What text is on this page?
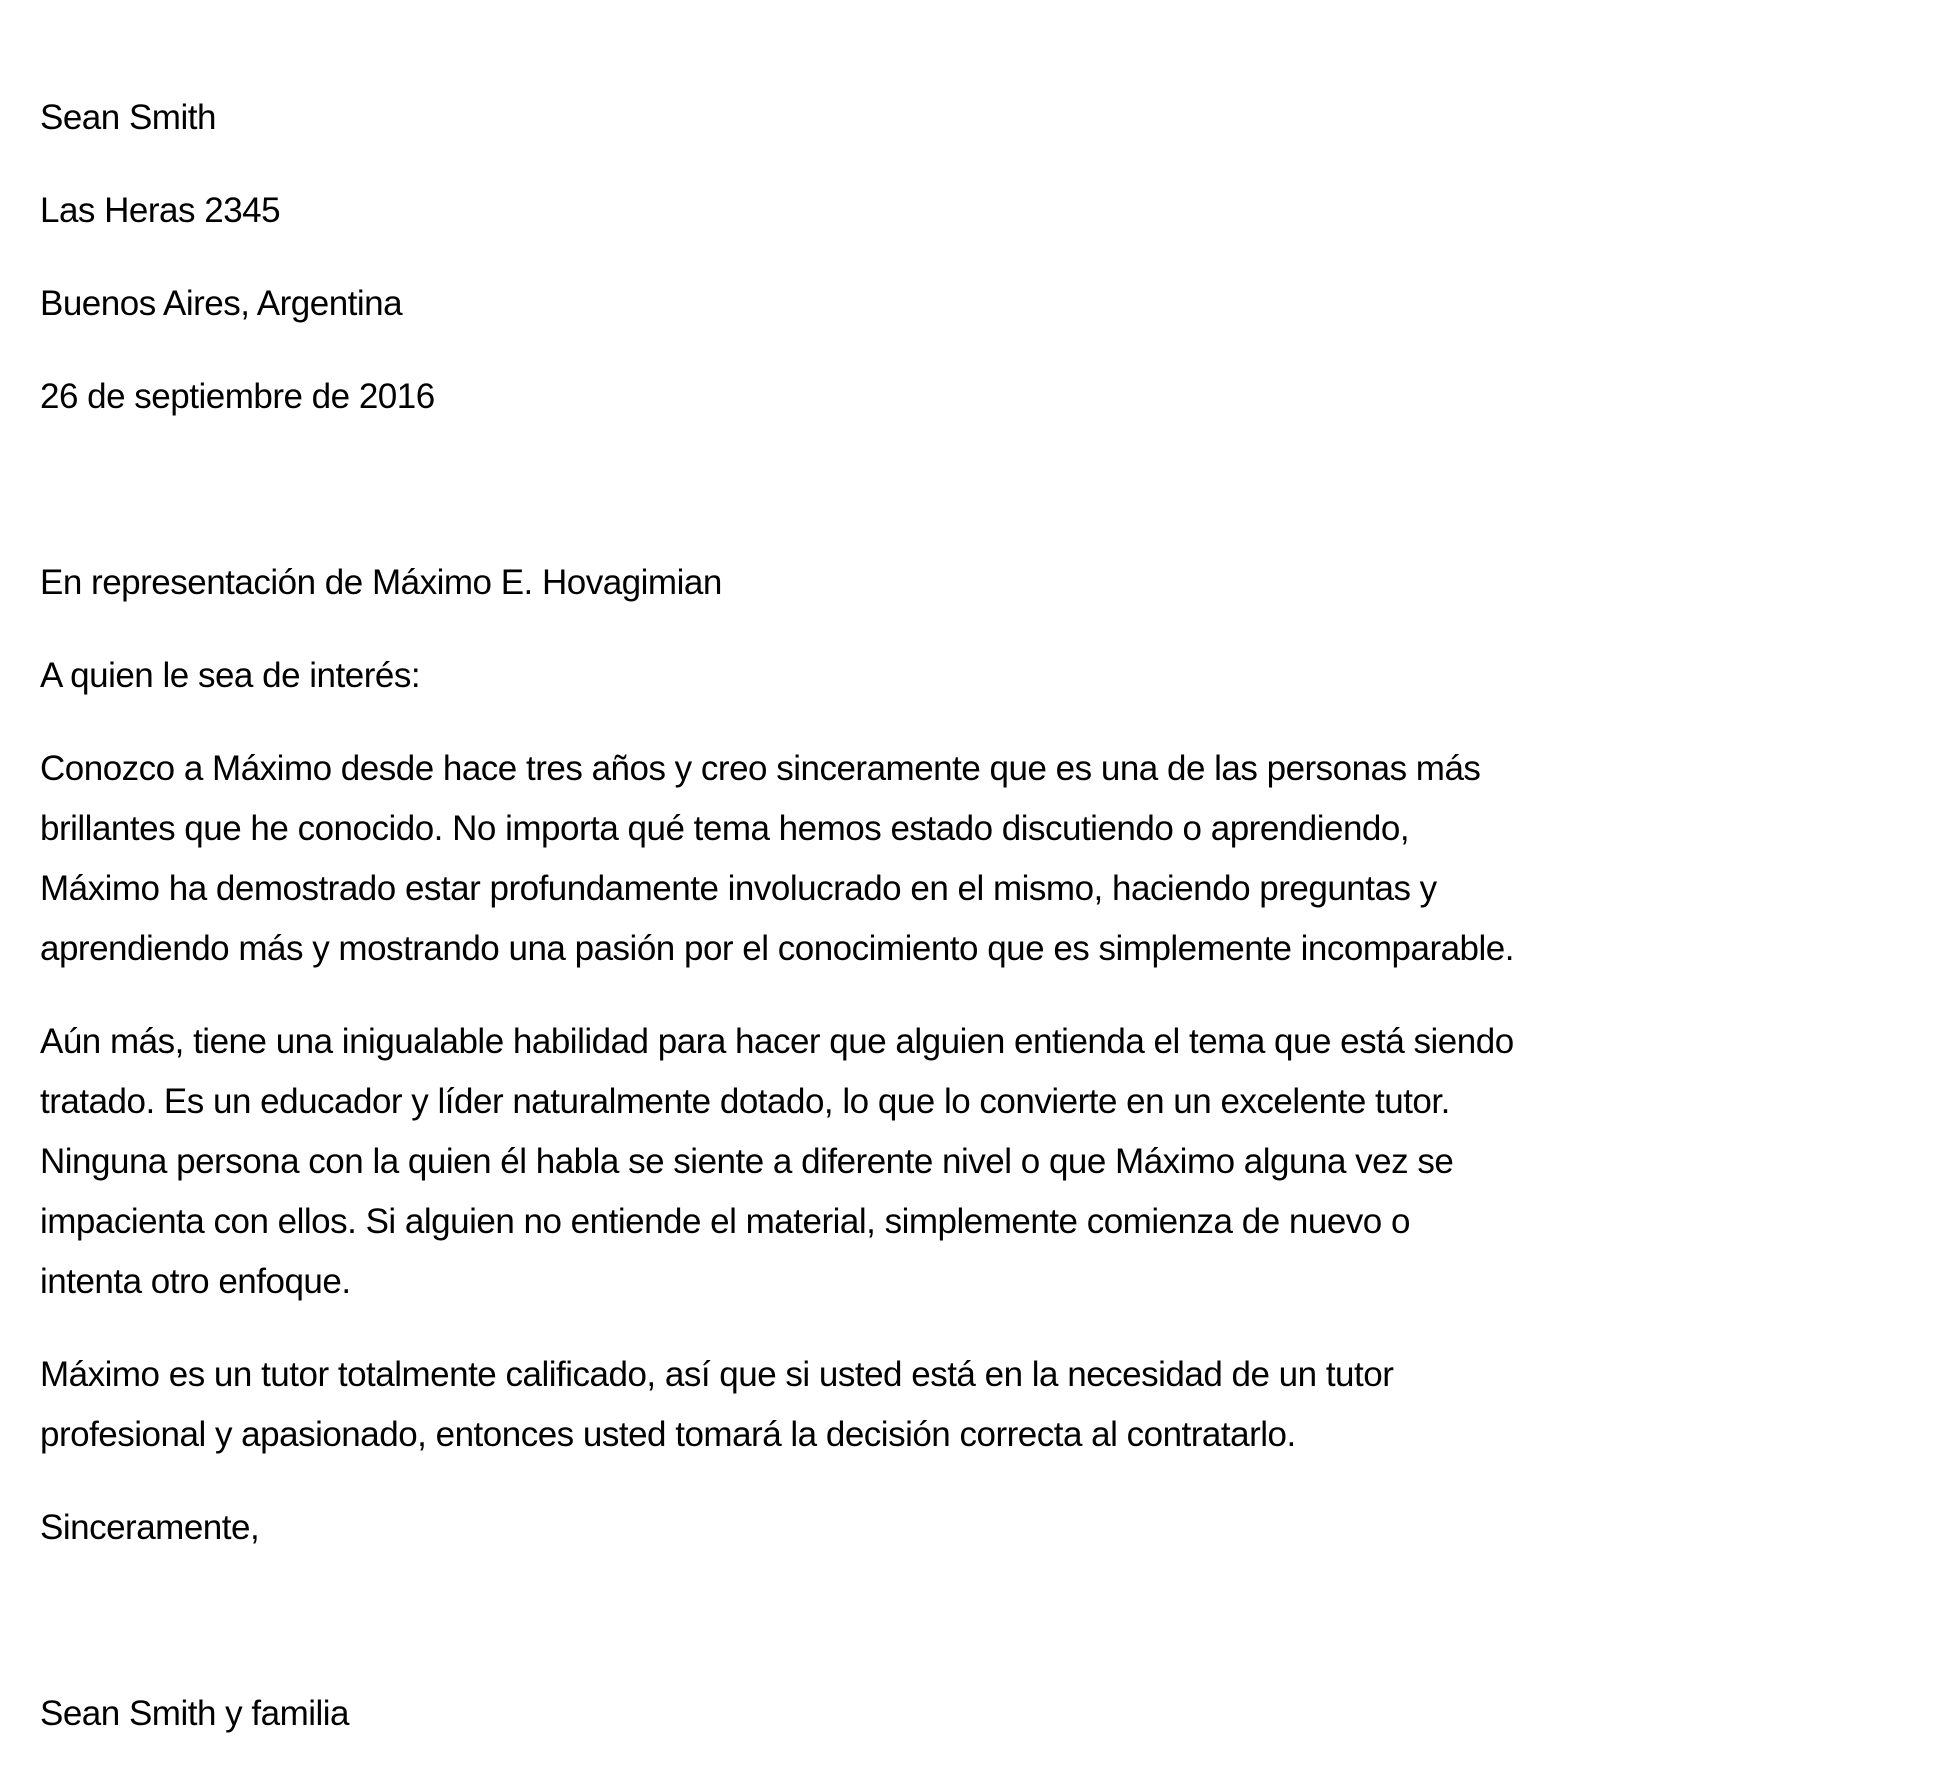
Sean Smith

Las Heras 2345

Buenos Aires, Argentina

26 de septiembre de 2016

En representación de Máximo E. Hovagimian

A quien le sea de interés:

Conozco a Máximo desde hace tres años y creo sinceramente que es una de las personas más
brillantes que he conocido. No importa qué tema hemos estado discutiendo o aprendiendo,
Máximo ha demostrado estar profundamente involucrado en el mismo, haciendo preguntas y
aprendiendo más y mostrando una pasión por el conocimiento que es simplemente incomparable.

Aún más, tiene una inigualable habilidad para hacer que alguien entienda el tema que está siendo
tratado. Es un educador y líder naturalmente dotado, lo que lo convierte en un excelente tutor.
Ninguna persona con la quien él habla se siente a diferente nivel o que Máximo alguna vez se
impacienta con ellos. Si alguien no entiende el material, simplemente comienza de nuevo o
intenta otro enfoque.

Máximo es un tutor totalmente calificado, así que si usted está en la necesidad de un tutor
profesional y apasionado, entonces usted tomará la decisión correcta al contratarlo.

Sinceramente,

Sean Smith y familia
